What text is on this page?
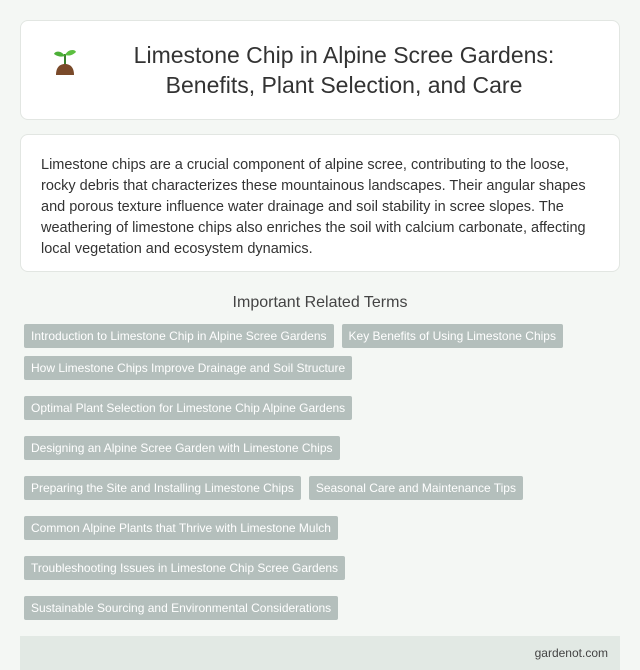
Limestone Chip in Alpine Scree Gardens: Benefits, Plant Selection, and Care

Limestone chips are a crucial component of alpine scree, contributing to the loose, rocky debris that characterizes these mountainous landscapes. Their angular shapes and porous texture influence water drainage and soil stability in scree slopes. The weathering of limestone chips also enriches the soil with calcium carbonate, affecting local vegetation and ecosystem dynamics.

Important Related Terms
Introduction to Limestone Chip in Alpine Scree Gardens	Key Benefits of Using Limestone Chips
How Limestone Chips Improve Drainage and Soil Structure
Optimal Plant Selection for Limestone Chip Alpine Gardens
Designing an Alpine Scree Garden with Limestone Chips
Preparing the Site and Installing Limestone Chips	Seasonal Care and Maintenance Tips
Common Alpine Plants that Thrive with Limestone Mulch
Troubleshooting Issues in Limestone Chip Scree Gardens
Sustainable Sourcing and Environmental Considerations
gardenot.com
